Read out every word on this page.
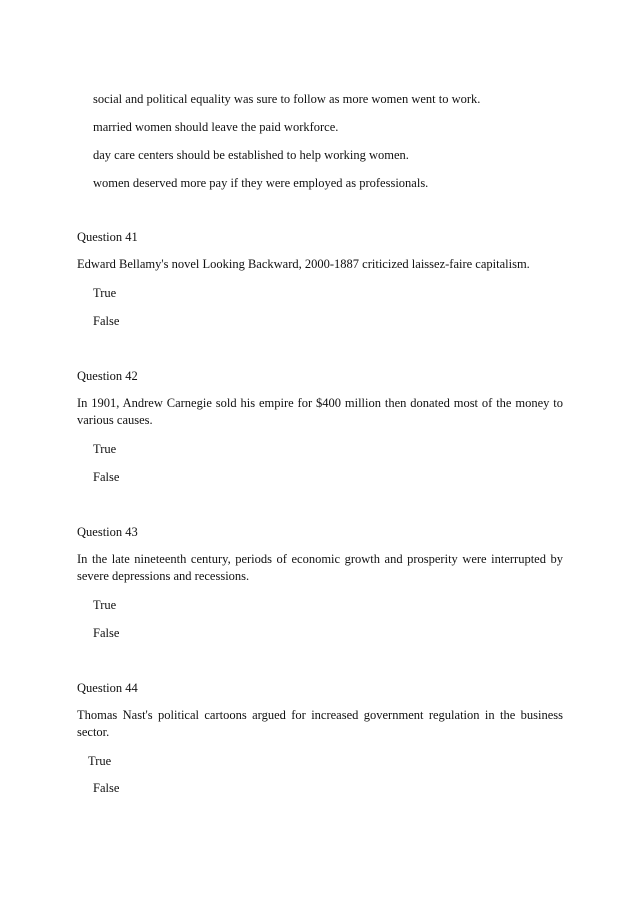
social and political equality was sure to follow as more women went to work.
married women should leave the paid workforce.
day care centers should be established to help working women.
women deserved more pay if they were employed as professionals.
Question 41
Edward Bellamy's novel Looking Backward, 2000-1887 criticized laissez-faire capitalism.
True
False
Question 42
In 1901, Andrew Carnegie sold his empire for $400 million then donated most of the money to various causes.
True
False
Question 43
In the late nineteenth century, periods of economic growth and prosperity were interrupted by severe depressions and recessions.
True
False
Question 44
Thomas Nast's political cartoons argued for increased government regulation in the business sector.
True
False
